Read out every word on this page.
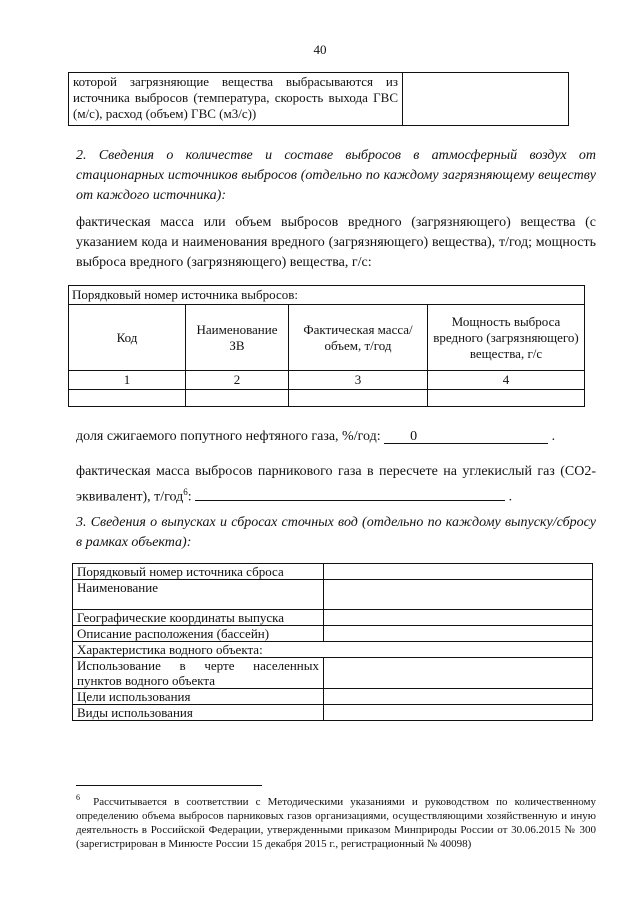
40
которой загрязняющие вещества выбрасываются из источника выбросов (температура, скорость выхода ГВС (м/с), расход (объем) ГВС (м3/с))	
2. Сведения о количестве и составе выбросов в атмосферный воздух от стационарных источников выбросов (отдельно по каждому загрязняющему веществу от каждого источника):
фактическая масса или объем выбросов вредного (загрязняющего) вещества (с указанием кода и наименования вредного (загрязняющего) вещества), т/год; мощность выброса вредного (загрязняющего) вещества, г/с:
Порядковый номер источника выбросов:			
Код	Наименование ЗВ	Фактическая масса/объем, т/год	Мощность выброса вредного (загрязняющего) вещества, г/с
1	2	3	4

доля сжигаемого попутного нефтяного газа, %/год: 0	.
фактическая масса выбросов парникового газа в пересчете на углекислый газ (CO2- эквивалент), т/год$^6$:	.
3. Сведения о выпусках и сбросах сточных вод (отдельно по каждому выпуску/сбросу в рамках объекта):
Порядковый номер источника сброса	
Наименование	
Географические координаты выпуска	
Описание расположения (бассейн)	
Характеристика водного объекта:	
Использование в черте населенных пунктов водного объекта	
Цели использования	
Виды использования	
$^6$ Рассчитывается в соответствии с Методическими указаниями и руководством по количественному определению объема выбросов парниковых газов организациями, осуществляющими хозяйственную и иную деятельность в Российской Федерации, утвержденными приказом Минприроды России от 30.06.2015 № 300 (зарегистрирован в Минюсте России 15 декабря 2015 г., регистрационный № 40098)
